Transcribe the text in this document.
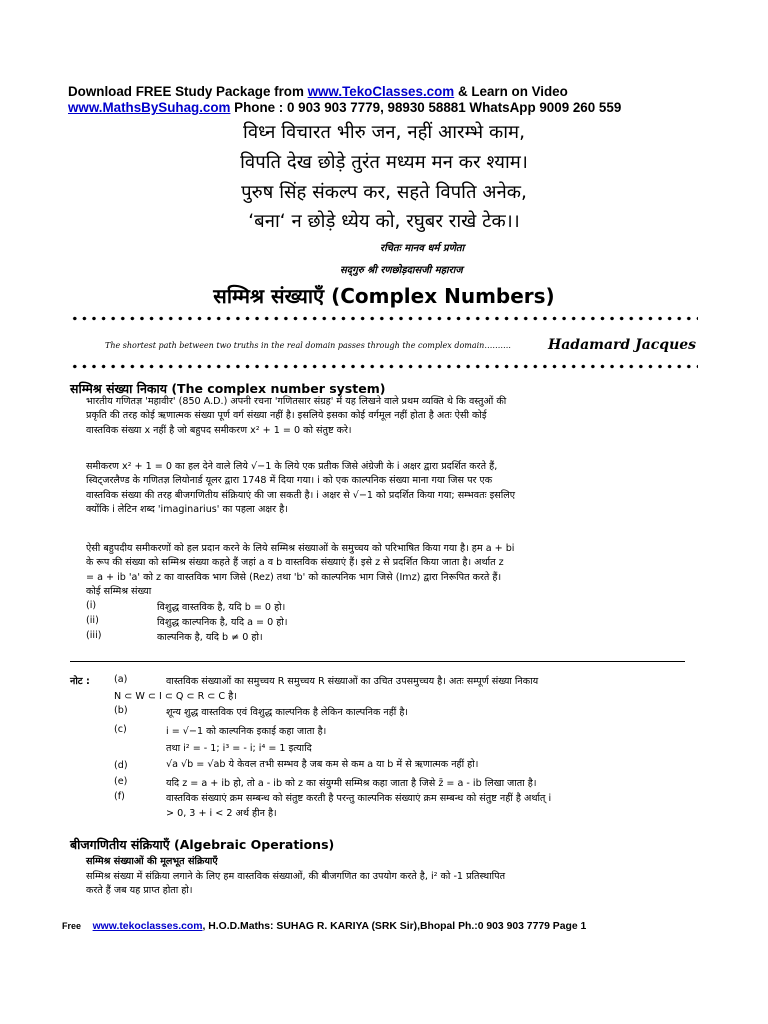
Download FREE Study Package from www.TekoClasses.com & Learn on Video
www.MathsBySuhag.com Phone : 0 903 903 7779, 98930 58881 WhatsApp 9009 260 559
विध्न विचारत भीरु जन, नहीं आरम्भे काम,
विपति देख छोड़े तुरंत मध्यम मन कर श्याम।
पुरुष सिंह संकल्प कर, सहते विपति अनेक,
‘बना‘ न छोड़े ध्येय को, रघुबर राखे टेक।।
रचितः मानव धर्म प्रणेता
सद्‌गुरु श्री रणछोड़दासजी महाराज
सम्मिश्र संख्याएँ (Complex Numbers)
The shortest path between two truths in the real domain passes through the complex domain……….	Hadamard Jacques
सम्मिश्र संख्या निकाय (The complex number system)
भारतीय गणितज्ञ 'महावीर' (850 A.D.) अपनी रचना 'गणितसार संग्रह' में यह लिखने वाले प्रथम व्यक्ति थे कि वस्तुओं की
प्रकृति की तरह कोई ऋणात्मक संख्या पूर्ण वर्ग संख्या नहीं है। इसलिये इसका कोई वर्गमूल नहीं होता है अतः ऐसी कोई
वास्तविक संख्या x नहीं है जो बहुपद समीकरण x² + 1 = 0 को संतुष्ट करे।
समीकरण x² + 1 = 0 का हल देने वाले लिये √−1 के लिये एक प्रतीक जिसे अंग्रेजी के i अक्षर द्वारा प्रदर्शित करते हैं,
स्विट्जरलैण्ड के गणितज्ञ लियोनार्ड यूलर द्वारा 1748 में दिया गया। i को एक काल्पनिक संख्या माना गया जिस पर एक
वास्तविक संख्या की तरह बीजगणितीय संक्रियाएं की जा सकती है। i अक्षर से √−1 को प्रदर्शित किया गया; सम्भवतः इसलिए
क्योंकि i लेटिन शब्द 'imaginarius' का पहला अक्षर है।
ऐसी बहुपदीय समीकरणों को हल प्रदान करने के लिये सम्मिश्र संख्याओं के समुच्चय को परिभाषित किया गया है। हम a + bi
के रूप की संख्या को सम्मिश्र संख्या कहते हैं जहां a व b वास्तविक संख्याएं हैं। इसे z से प्रदर्शित किया जाता है। अर्थात z
= a + ib 'a' को z का वास्तविक भाग जिसे (Rez) तथा 'b' को काल्पनिक भाग जिसे (Imz) द्वारा निरूपित करते हैं।
कोई सम्मिश्र संख्या
(i)	विशुद्ध वास्तविक है, यदि b = 0 हो।
(ii)	विशुद्ध काल्पनिक है, यदि a = 0 हो।
(iii)	काल्पनिक है, यदि b ≠ 0 हो।
नोट :	(a)	वास्तविक संख्याओं का समुच्चय R समुच्चय R संख्याओं का उचित उपसमुच्चय है। अतः सम्पूर्ण संख्या निकाय
N ⊂ W ⊂ I ⊂ Q ⊂ R ⊂ C है।
(b)	शून्य शुद्ध वास्तविक एवं विशुद्ध काल्पनिक है लेकिन काल्पनिक नहीं है।
(c)	i = √−1 को काल्पनिक इकाई कहा जाता है।
तथा i² = - 1; i³ = - i; i⁴ = 1 इत्यादि
(d)	√a √b = √ab ये केवल तभी सम्भव है जब कम से कम a या b में से ऋणात्मक नहीं हो।
(e)	यदि z = a + ib हो, तो a - ib को z का संयुग्मी सम्मिश्र कहा जाता है जिसे z̄ = a - ib लिखा जाता है।
(f)	वास्तविक संख्याएं क्रम सम्बन्ध को संतुष्ट करती है परन्तु काल्पनिक संख्याएं क्रम सम्बन्ध को संतुष्ट नहीं है अर्थात् i
> 0, 3 + i < 2 अर्थ हीन है।
बीजगणितीय संक्रियाएँ (Algebraic Operations)
सम्मिश्र संख्याओं की मूलभूत संक्रियाएँ
सम्मिश्र संख्या में संक्रिया लगाने के लिए हम वास्तविक संख्याओं, की बीजगणित का उपयोग करते है, i² को -1 प्रतिस्थापित
करते हैं जब यह प्राप्त होता हो।
Free www.tekoclasses.com, H.O.D.Maths: SUHAG R. KARIYA (SRK Sir),Bhopal Ph.:0 903 903 7779 Page 1
